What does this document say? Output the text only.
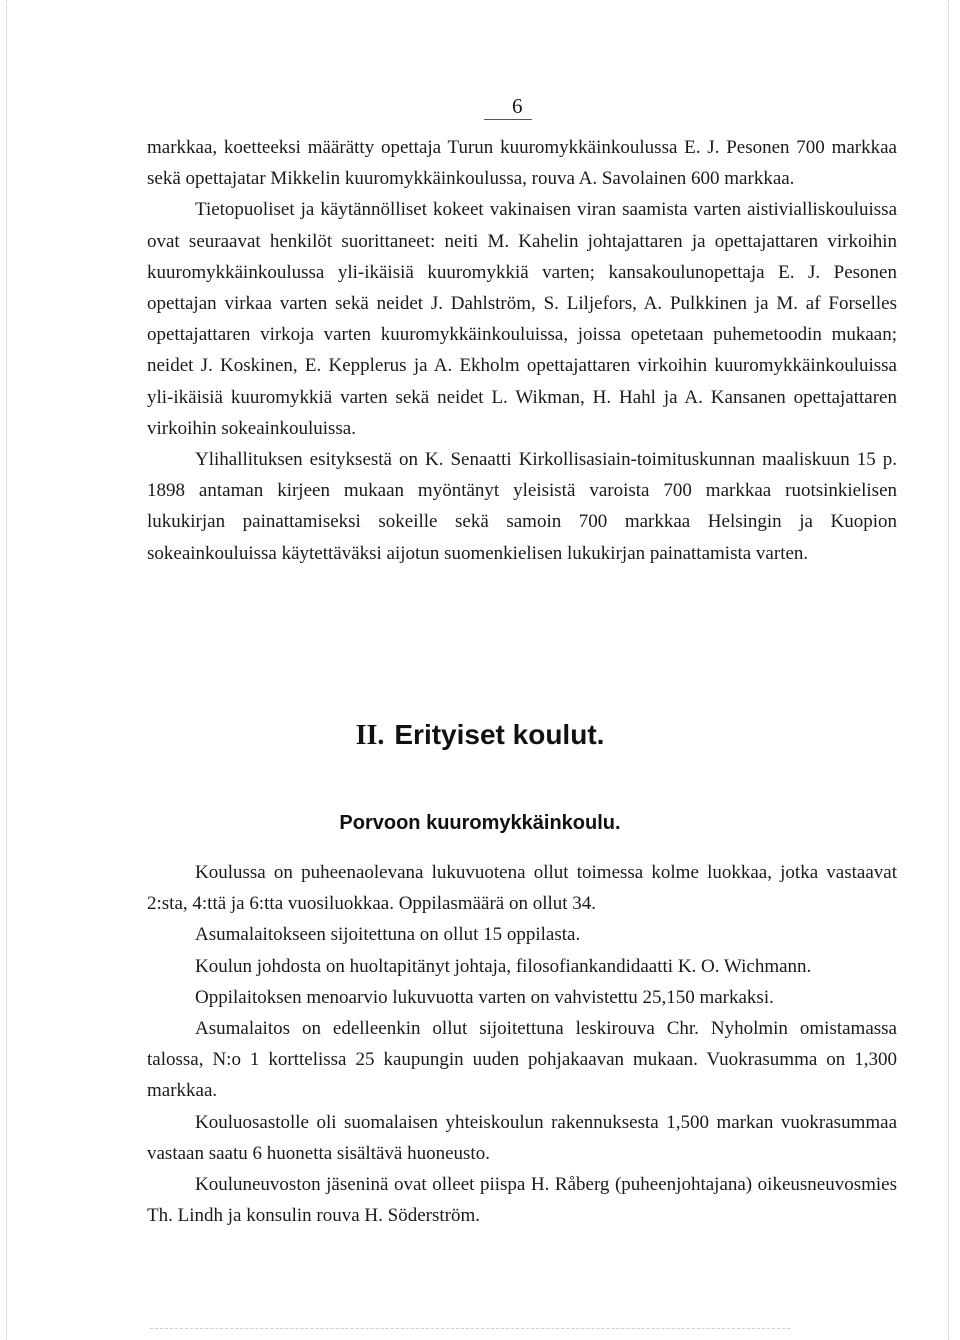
6

markkaa, koetteeksi määrätty opettaja Turun kuuromykkäinkoulussa E. J. Pesonen 700 markkaa sekä opettajatar Mikkelin kuuromykkäinkoulussa, rouva A. Savolainen 600 markkaa.

Tietopuoliset ja käytännölliset kokeet vakinaisen viran saamista varten aistivialliskouluissa ovat seuraavat henkilöt suorittaneet: neiti M. Kahelin johtajattaren ja opettajattaren virkoihin kuuromykkäinkoulussa yli-ikäisiä kuuromykkiä varten; kansakoulunopettaja E. J. Pesonen opettajan virkaa varten sekä neidet J. Dahlström, S. Liljefors, A. Pulkkinen ja M. af Forselles opettajattaren virkoja varten kuuromykkäinkouluissa, joissa opetetaan puhemetoodin mukaan; neidet J. Koskinen, E. Kepplerus ja A. Ekholm opettajattaren virkoihin kuuromykkäinkouluissa yli-ikäisiä kuuromykkiä varten sekä neidet L. Wikman, H. Hahl ja A. Kansanen opettajattaren virkoihin sokeainkouluissa.

Ylihallituksen esityksestä on K. Senaatti Kirkollisasiain-toimituskunnan maaliskuun 15 p. 1898 antaman kirjeen mukaan myöntänyt yleisistä varoista 700 markkaa ruotsinkielisen lukukirjan painattamiseksi sokeille sekä samoin 700 markkaa Helsingin ja Kuopion sokeainkouluissa käytettäväksi aijotun suomenkielisen lukukirjan painattamista varten.

II. Erityiset koulut.
Porvoon kuuromykkäinkoulu.

Koulussa on puheenaolevana lukuvuotena ollut toimessa kolme luokkaa, jotka vastaavat 2:sta, 4:ttä ja 6:tta vuosiluokkaa. Oppilasmäärä on ollut 34.

Asumalaitokseen sijoitettuna on ollut 15 oppilasta.

Koulun johdosta on huoltapitänyt johtaja, filosofiankandidaatti K. O. Wichmann.

Oppilaitoksen menoarvio lukuvuotta varten on vahvistettu 25,150 markaksi.

Asumalaitos on edelleenkin ollut sijoitettuna leskirouva Chr. Nyholmin omistamassa talossa, N:o 1 korttelissa 25 kaupungin uuden pohjakaavan mukaan. Vuokrasumma on 1,300 markkaa.

Kouluosastolle oli suomalaisen yhteiskoulun rakennuksesta 1,500 markan vuokrasummaa vastaan saatu 6 huonetta sisältävä huoneusto.

Kouluneuvoston jäseninä ovat olleet piispa H. Råberg (puheenjohtajana) oikeusneuvosmies Th. Lindh ja konsulin rouva H. Söderström.
